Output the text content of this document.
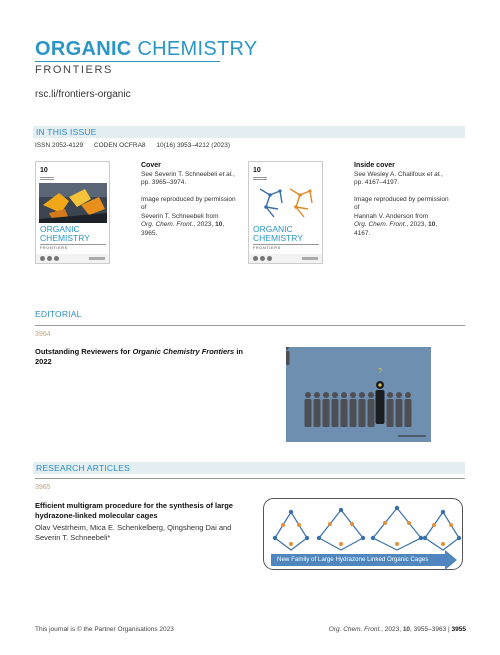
ORGANIC CHEMISTRY
FRONTIERS
rsc.li/frontiers-organic
IN THIS ISSUE
ISSN 2052-4129 CODEN OCFRA8 10(16) 3953–4212 (2023)
10
ORGANIC
CHEMISTRY
FRONTIERS
Cover

See Severin T. Schneebeli et al., pp. 3965–3974.

Image reproduced by permission of
Severin T. Schneebeli from
Org. Chem. Front., 2023, 10, 3965.

10
ORGANIC
CHEMISTRY
FRONTIERS
Inside cover

See Wesley A. Chalifoux et al., pp. 4167–4197.

Image reproduced by permission of
Hannah V. Anderson from
Org. Chem. Front., 2023, 10, 4167.

EDITORIAL
3964
Outstanding Reviewers for Organic Chemistry Frontiers in 2022
?
RESEARCH ARTICLES
3965
Efficient multigram procedure for the synthesis of large hydrazone-linked molecular cages
Olav Vestrheim, Mica E. Schenkelberg, Qingsheng Dai and Severin T. Schneebeli*
New Family of Large Hydrazone Linked Organic Cages
This journal is © the Partner Organisations 2023	Org. Chem. Front., 2023, 10, 3955–3963 | 3955
